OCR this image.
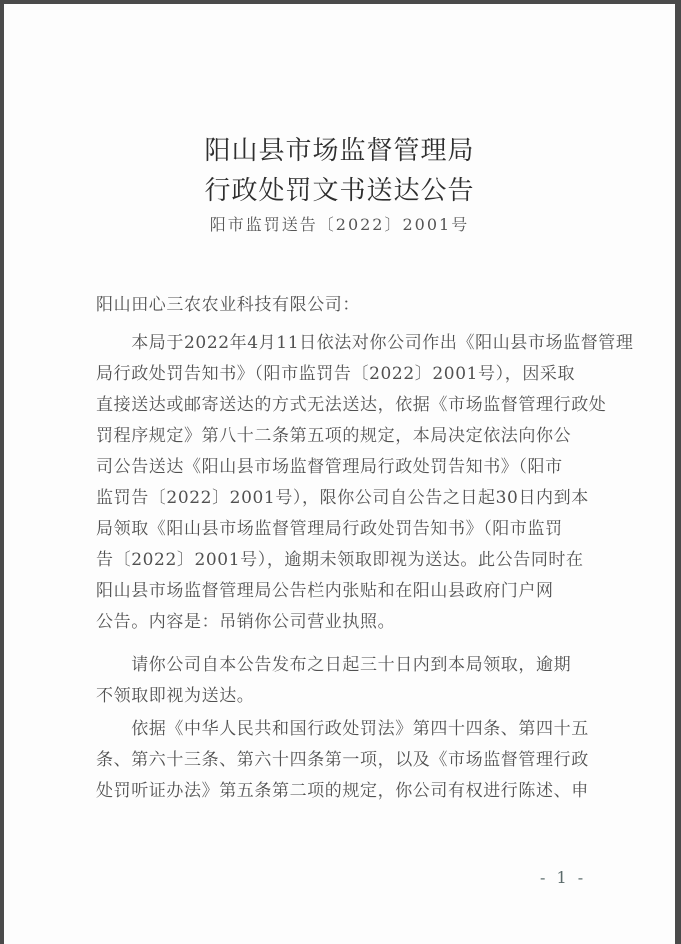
阳山县市场监督管理局
行政处罚文书送达公告
阳市监罚送告〔2022〕2001号
阳山田心三农农业科技有限公司：
　　本局于2022年4月11日依法对你公司作出《阳山县市场监督管理
局行政处罚告知书》（阳市监罚告〔2022〕2001号），因采取
直接送达或邮寄送达的方式无法送达，依据《市场监督管理行政处
罚程序规定》第八十二条第五项的规定，本局决定依法向你公
司公告送达《阳山县市场监督管理局行政处罚告知书》（阳市
监罚告〔2022〕2001号），限你公司自公告之日起30日内到本
局领取《阳山县市场监督管理局行政处罚告知书》（阳市监罚
告〔2022〕2001号），逾期未领取即视为送达。此公告同时在
阳山县市场监督管理局公告栏内张贴和在阳山县政府门户网
公告。内容是：吊销你公司营业执照。
　　请你公司自本公告发布之日起三十日内到本局领取，逾期
不领取即视为送达。
　　依据《中华人民共和国行政处罚法》第四十四条、第四十五
条、第六十三条、第六十四条第一项，以及《市场监督管理行政
处罚听证办法》第五条第二项的规定，你公司有权进行陈述、申
- 1 -
